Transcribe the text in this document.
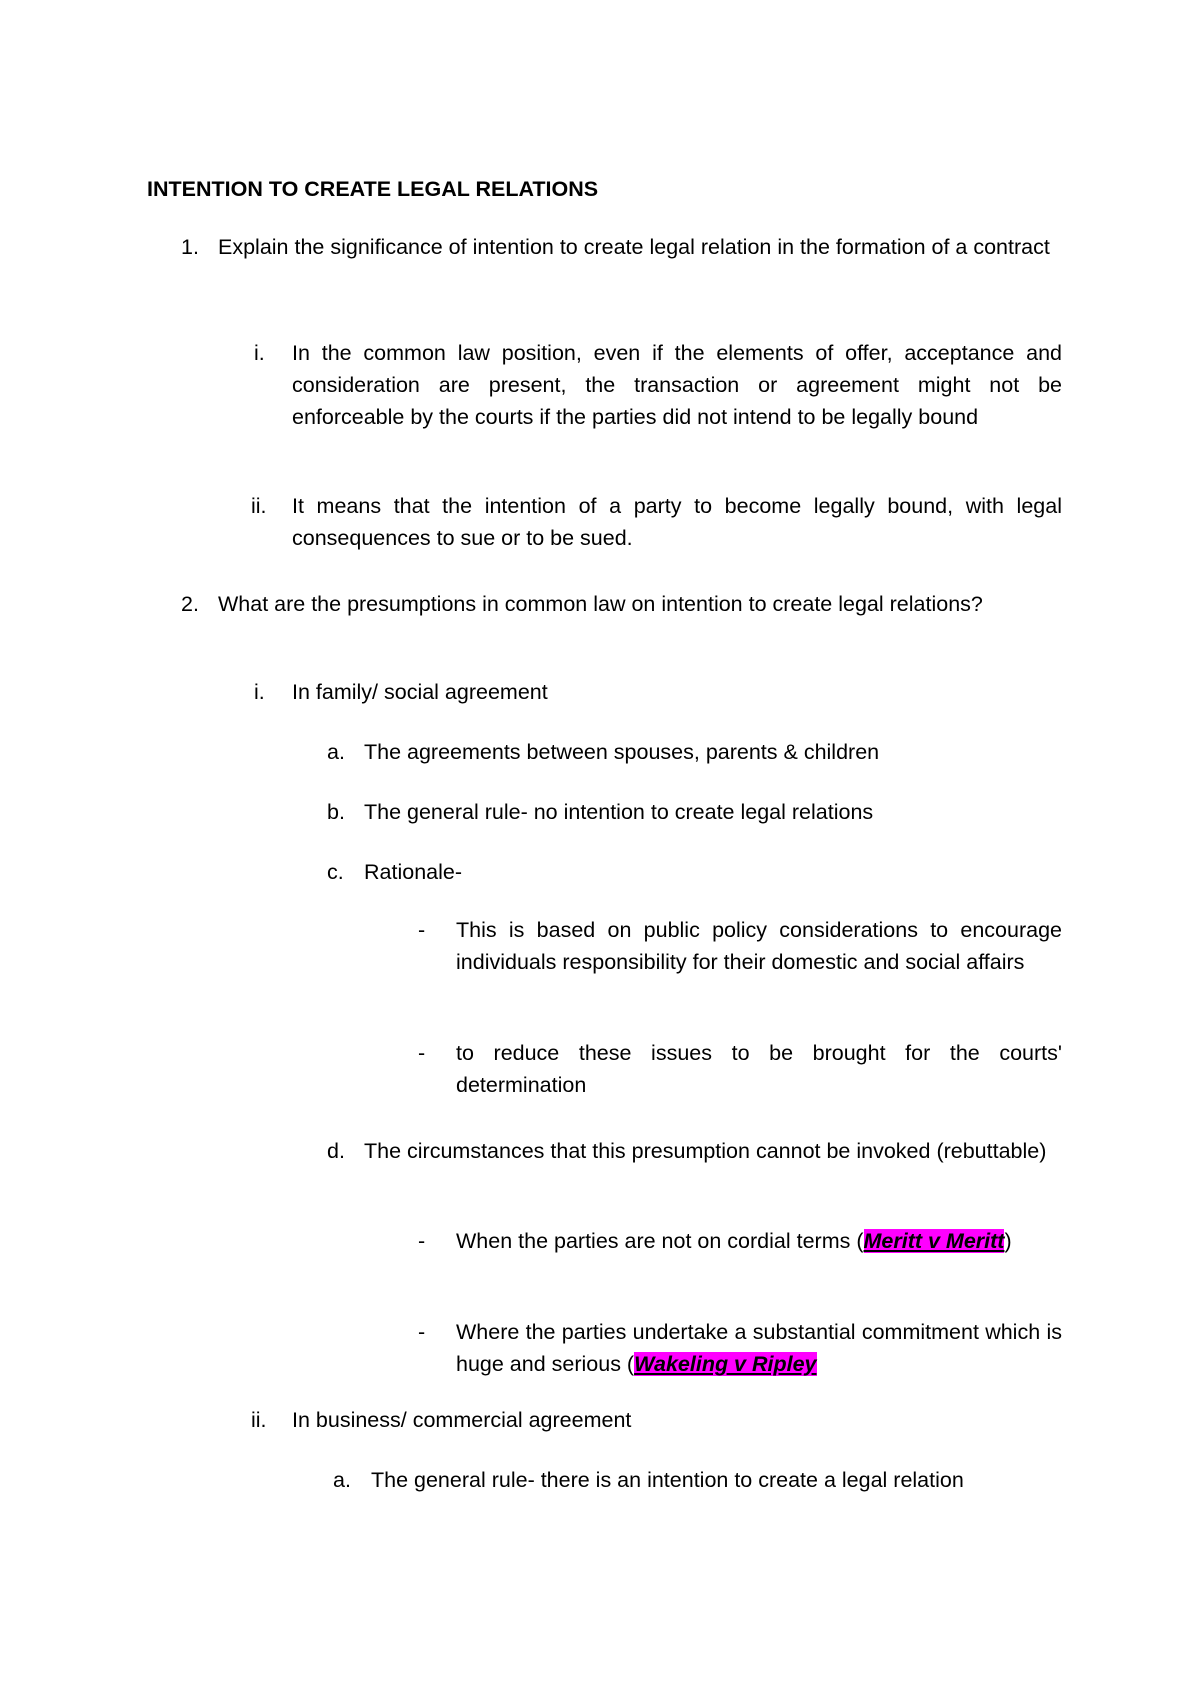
INTENTION TO CREATE LEGAL RELATIONS
1. Explain the significance of intention to create legal relation in the formation of a contract
i. In the common law position, even if the elements of offer, acceptance and consideration are present, the transaction or agreement might not be enforceable by the courts if the parties did not intend to be legally bound
ii. It means that the intention of a party to become legally bound, with legal consequences to sue or to be sued.
2. What are the presumptions in common law on intention to create legal relations?
i. In family/ social agreement
a. The agreements between spouses, parents & children
b. The general rule- no intention to create legal relations
c. Rationale-
- This is based on public policy considerations to encourage individuals responsibility for their domestic and social affairs
- to reduce these issues to be brought for the courts' determination
d. The circumstances that this presumption cannot be invoked (rebuttable)
- When the parties are not on cordial terms (Meritt v Meritt)
- Where the parties undertake a substantial commitment which is huge and serious (Wakeling v Ripley
ii. In business/ commercial agreement
a. The general rule- there is an intention to create a legal relation
